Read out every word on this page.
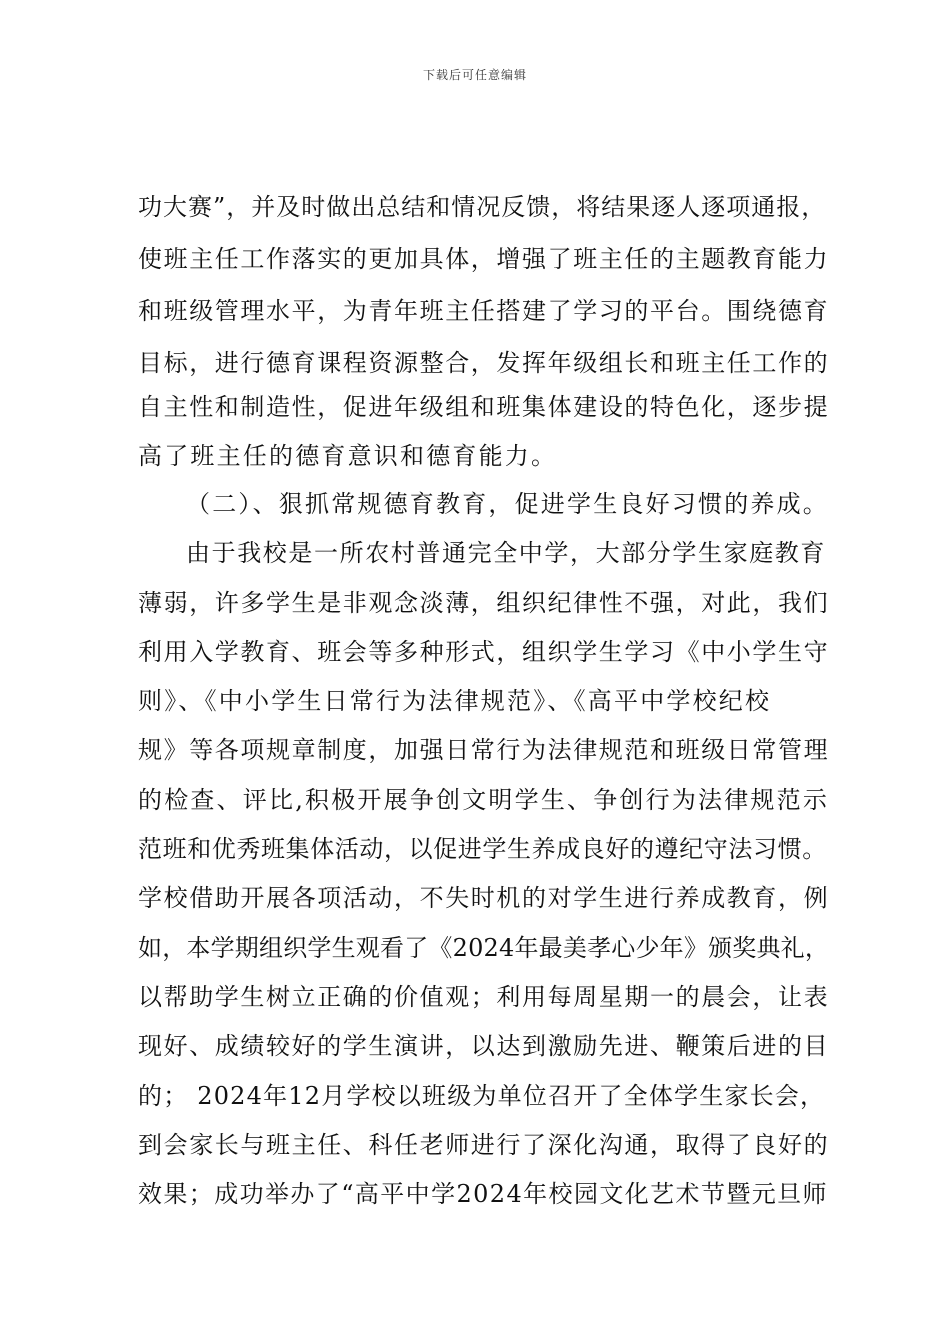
下载后可任意编辑
功大赛”，并及时做出总结和情况反馈，将结果逐人逐项通报，
使班主任工作落实的更加具体，增强了班主任的主题教育能力
和班级管理水平，为青年班主任搭建了学习的平台。围绕德育
目标，进行德育课程资源整合，发挥年级组长和班主任工作的
自主性和制造性，促进年级组和班集体建设的特色化，逐步提
高了班主任的德育意识和德育能力。
（二）、狠抓常规德育教育，促进学生良好习惯的养成。
由于我校是一所农村普通完全中学，大部分学生家庭教育
薄弱，许多学生是非观念淡薄，组织纪律性不强，对此，我们
利用入学教育、班会等多种形式，组织学生学习《中小学生守
则》、《中小学生日常行为法律规范》、《高平中学校纪校
规》等各项规章制度，加强日常行为法律规范和班级日常管理
的检查、评比,积极开展争创文明学生、争创行为法律规范示
范班和优秀班集体活动，以促进学生养成良好的遵纪守法习惯。
学校借助开展各项活动，不失时机的对学生进行养成教育，例
如，本学期组织学生观看了《2024年最美孝心少年》颁奖典礼，
以帮助学生树立正确的价值观；利用每周星期一的晨会，让表
现好、成绩较好的学生演讲，以达到激励先进、鞭策后进的目
的； 2024年12月学校以班级为单位召开了全体学生家长会，
到会家长与班主任、科任老师进行了深化沟通，取得了良好的
效果；成功举办了“高平中学2024年校园文化艺术节暨元旦师
